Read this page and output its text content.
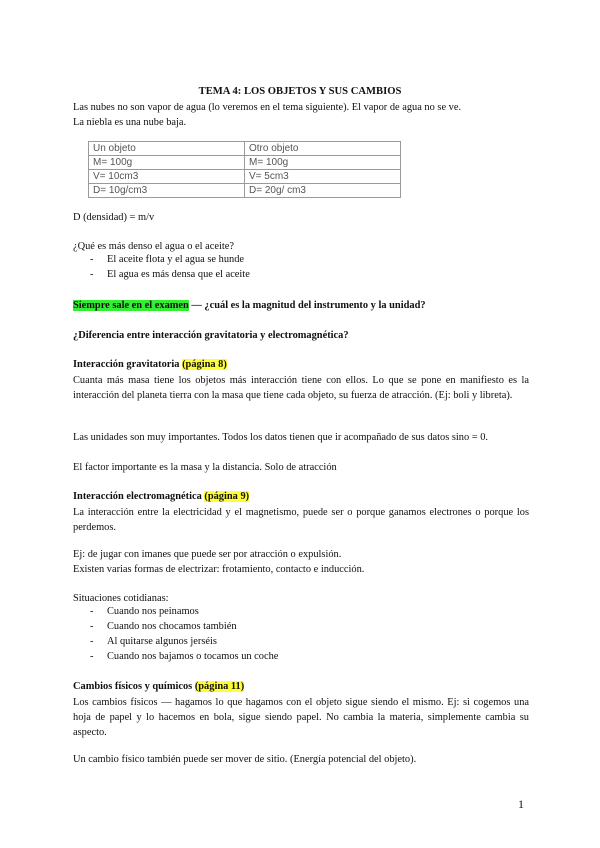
TEMA 4: LOS OBJETOS Y SUS CAMBIOS
Las nubes no son vapor de agua (lo veremos en el tema siguiente). El vapor de agua no se ve.
La niebla es una nube baja.
Un objeto	Otro objeto
M= 100g	M= 100g
V= 10cm3	V= 5cm3
D= 10g/cm3	D= 20g/ cm3
D (densidad) = m/v
¿Qué es más denso el agua o el aceite?
- El aceite flota y el agua se hunde
- El agua es más densa que el aceite
Siempre sale en el examen — ¿cuál es la magnitud del instrumento y la unidad?
¿Diferencia entre interacción gravitatoria y electromagnética?
Interacción gravitatoria (página 8)
Cuanta más masa tiene los objetos más interacción tiene con ellos. Lo que se pone en manifiesto es la interacción del planeta tierra con la masa que tiene cada objeto, su fuerza de atracción. (Ej: boli y libreta).
Las unidades son muy importantes. Todos los datos tienen que ir acompañado de sus datos sino = 0.
El factor importante es la masa y la distancia. Solo de atracción
Interacción electromagnética (página 9)
La interacción entre la electricidad y el magnetismo, puede ser o porque ganamos electrones o porque los perdemos.
Ej: de jugar con imanes que puede ser por atracción o expulsión.
Existen varias formas de electrizar: frotamiento, contacto e inducción.
Situaciones cotidianas:
- Cuando nos peinamos
- Cuando nos chocamos también
- Al quitarse algunos jerséis
- Cuando nos bajamos o tocamos un coche
Cambios físicos y químicos (página 11)
Los cambios físicos — hagamos lo que hagamos con el objeto sigue siendo el mismo. Ej: si cogemos una hoja de papel y lo hacemos en bola, sigue siendo papel. No cambia la materia, simplemente cambia su aspecto.
Un cambio físico también puede ser mover de sitio. (Energía potencial del objeto).
1
